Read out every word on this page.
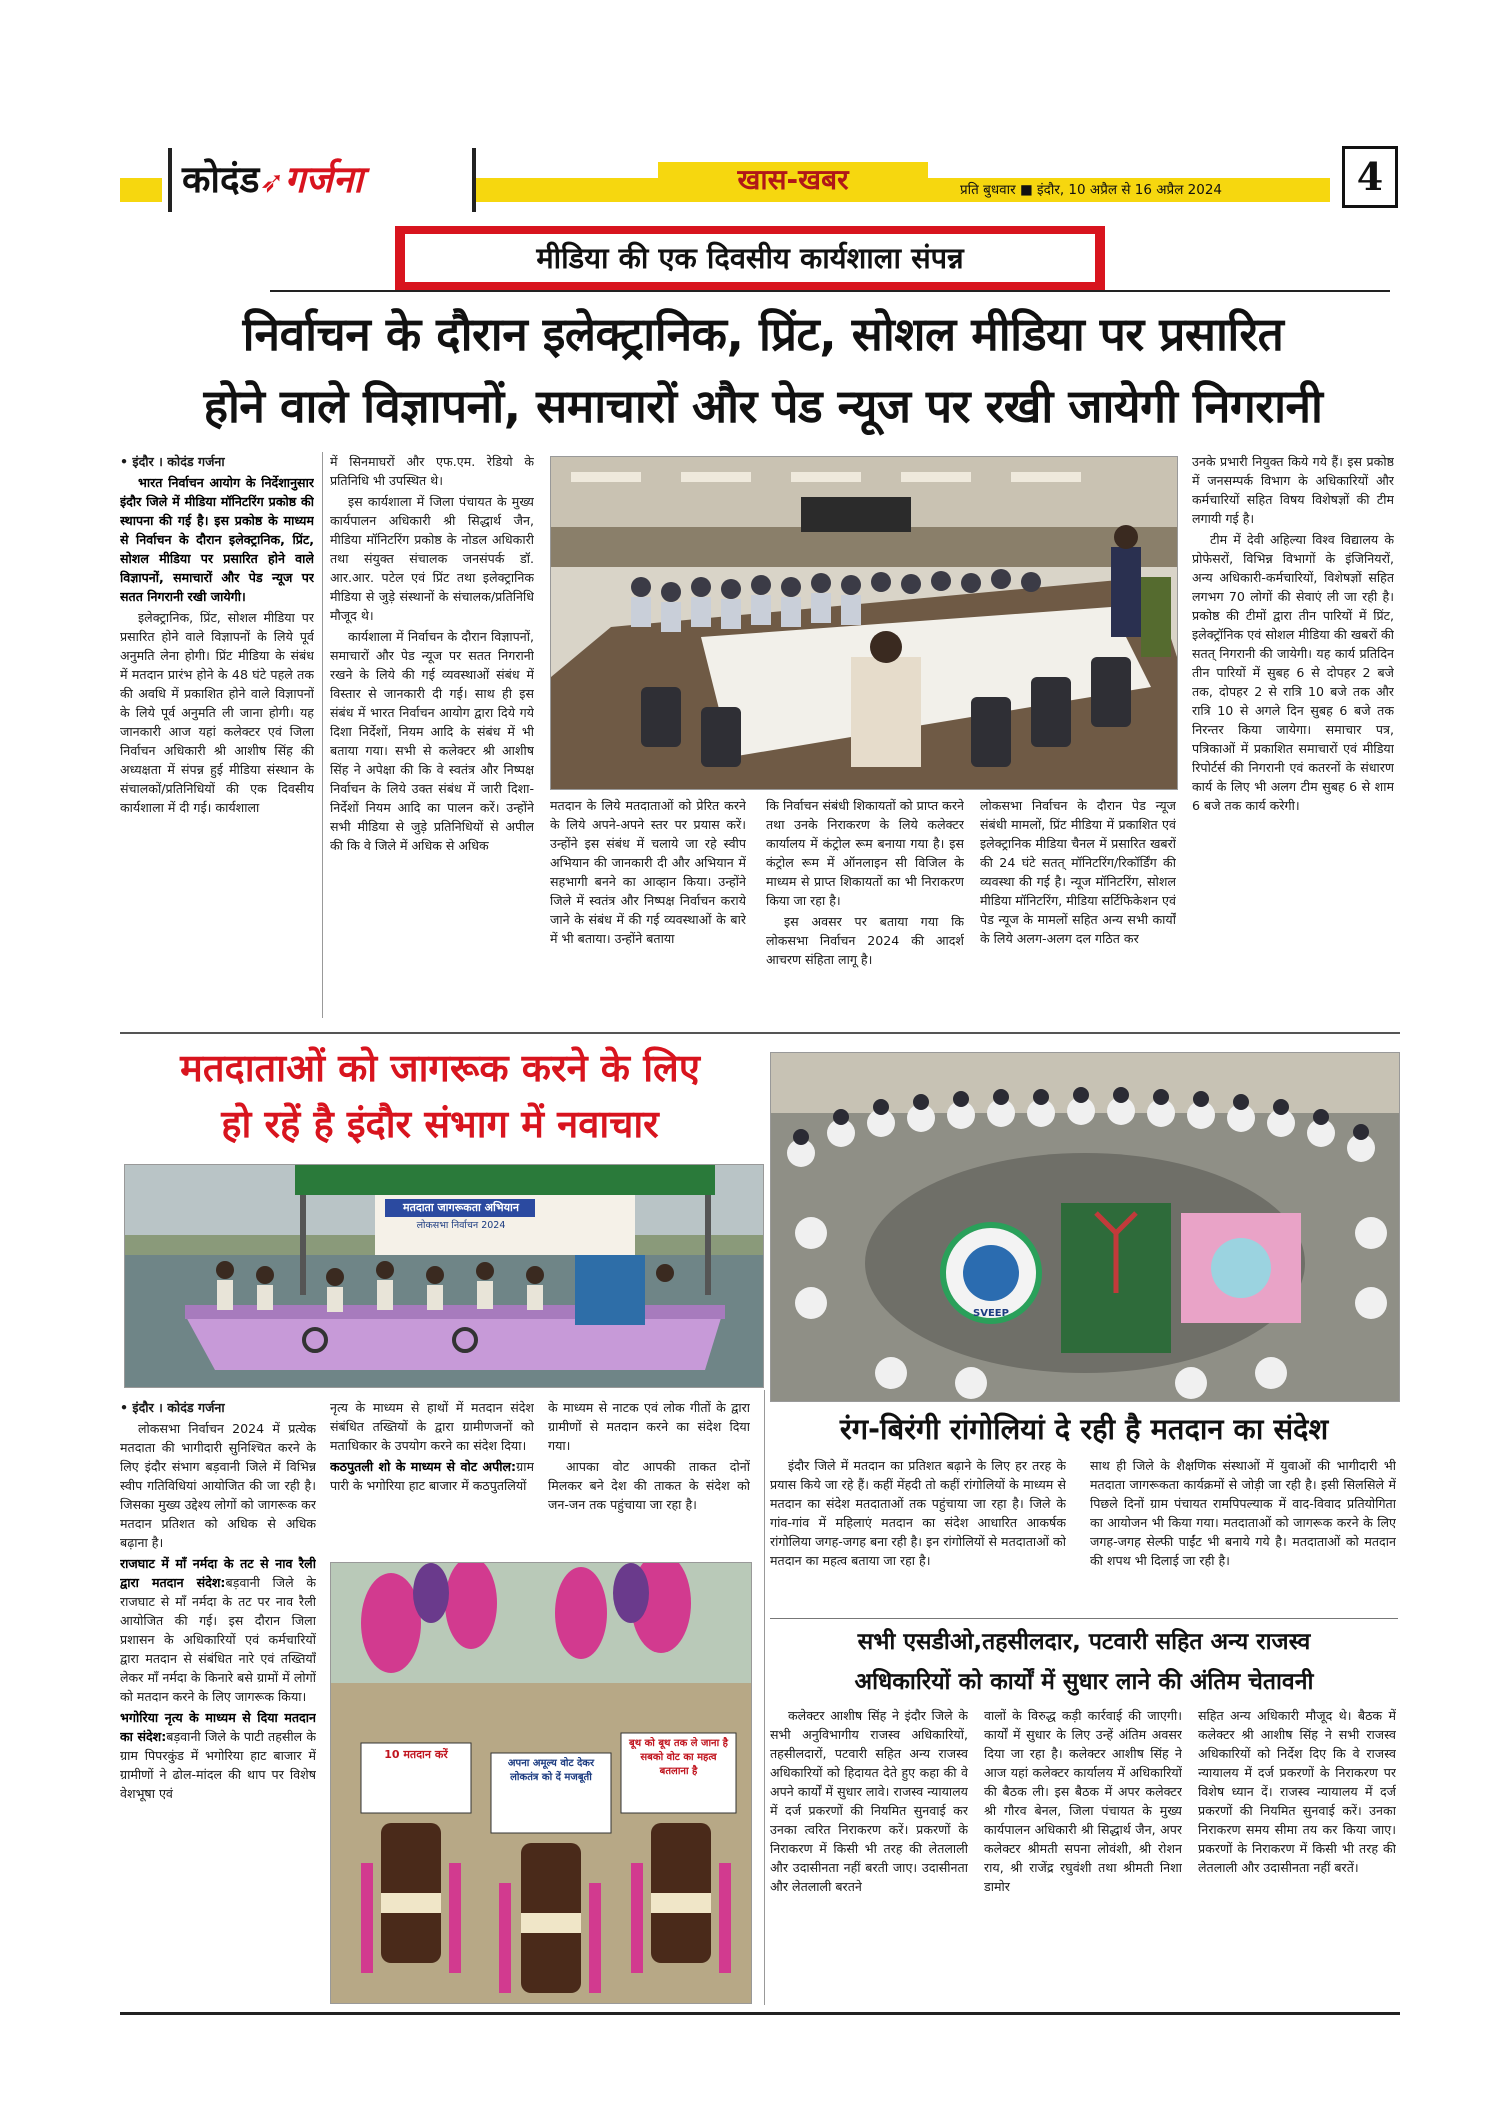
कोदंड➶गर्जना	खास-खबर	प्रति बुधवार ■ इंदौर, 10 अप्रैल से 16 अप्रैल 2024	4
मीडिया की एक दिवसीय कार्यशाला संपन्न
निर्वाचन के दौरान इलेक्ट्रानिक, प्रिंट, सोशल मीडिया पर प्रसारित
होने वाले विज्ञापनों, समाचारों और पेड न्यूज पर रखी जायेगी निगरानी

• इंदौर । कोदंड गर्जना

भारत निर्वाचन आयोग के निर्देशानुसार इंदौर जिले में मीडिया मॉनिटरिंग प्रकोष्ठ की स्थापना की गई है। इस प्रकोष्ठ के माध्यम से निर्वाचन के दौरान इलेक्ट्रानिक, प्रिंट, सोशल मीडिया पर प्रसारित होने वाले विज्ञापनों, समाचारों और पेड न्यूज पर सतत निगरानी रखी जायेगी।

इलेक्ट्रानिक, प्रिंट, सोशल मीडिया पर प्रसारित होने वाले विज्ञापनों के लिये पूर्व अनुमति लेना होगी। प्रिंट मीडिया के संबंध में मतदान प्रारंभ होने के 48 घंटे पहले तक की अवधि में प्रकाशित होने वाले विज्ञापनों के लिये पूर्व अनुमति ली जाना होगी। यह जानकारी आज यहां कलेक्टर एवं जिला निर्वाचन अधिकारी श्री आशीष सिंह की अध्यक्षता में संपन्न हुई मीडिया संस्थान के संचालकों/प्रतिनिधियों की एक दिवसीय कार्यशाला में दी गई। कार्यशाला

में सिनमाघरों और एफ.एम. रेडियो के प्रतिनिधि भी उपस्थित थे।

इस कार्यशाला में जिला पंचायत के मुख्य कार्यपालन अधिकारी श्री सिद्धार्थ जैन, मीडिया मॉनिटरिंग प्रकोष्ठ के नोडल अधिकारी तथा संयुक्त संचालक जनसंपर्क डॉ. आर.आर. पटेल एवं प्रिंट तथा इलेक्ट्रानिक मीडिया से जुड़े संस्थानों के संचालक/प्रतिनिधि मौजूद थे।

कार्यशाला में निर्वाचन के दौरान विज्ञापनों, समाचारों और पेड न्यूज पर सतत निगरानी रखने के लिये की गई व्यवस्थाओं संबंध में विस्तार से जानकारी दी गई। साथ ही इस संबंध में भारत निर्वाचन आयोग द्वारा दिये गये दिशा निर्देशों, नियम आदि के संबंध में भी बताया गया। सभी से कलेक्टर श्री आशीष सिंह ने अपेक्षा की कि वे स्वतंत्र और निष्पक्ष निर्वाचन के लिये उक्त संबंध में जारी दिशा-निर्देशों नियम आदि का पालन करें। उन्होंने सभी मीडिया से जुड़े प्रतिनिधियों से अपील की कि वे जिले में अधिक से अधिक

मतदान के लिये मतदाताओं को प्रेरित करने के लिये अपने-अपने स्तर पर प्रयास करें। उन्होंने इस संबंध में चलाये जा रहे स्वीप अभियान की जानकारी दी और अभियान में सहभागी बनने का आव्हान किया। उन्होंने जिले में स्वतंत्र और निष्पक्ष निर्वाचन कराये जाने के संबंध में की गई व्यवस्थाओं के बारे में भी बताया। उन्होंने बताया

कि निर्वाचन संबंधी शिकायतों को प्राप्त करने तथा उनके निराकरण के लिये कलेक्टर कार्यालय में कंट्रोल रूम बनाया गया है। इस कंट्रोल रूम में ऑनलाइन सी विजिल के माध्यम से प्राप्त शिकायतों का भी निराकरण किया जा रहा है।

इस अवसर पर बताया गया कि लोकसभा निर्वाचन 2024 की आदर्श आचरण संहिता लागू है।

लोकसभा निर्वाचन के दौरान पेड न्यूज संबंधी मामलों, प्रिंट मीडिया में प्रकाशित एवं इलेक्ट्रानिक मीडिया चैनल में प्रसारित खबरों की 24 घंटे सतत् मॉनिटरिंग/रिकॉर्डिंग की व्यवस्था की गई है। न्यूज मॉनिटरिंग, सोशल मीडिया मॉनिटरिंग, मीडिया सर्टिफिकेशन एवं पेड न्यूज के मामलों सहित अन्य सभी कार्यों के लिये अलग-अलग दल गठित कर

उनके प्रभारी नियुक्त किये गये हैं। इस प्रकोष्ठ में जनसम्पर्क विभाग के अधिकारियों और कर्मचारियों सहित विषय विशेषज्ञों की टीम लगायी गई है।

टीम में देवी अहिल्या विश्व विद्यालय के प्रोफेसरों, विभिन्न विभागों के इंजिनियरों, अन्य अधिकारी-कर्मचारियों, विशेषज्ञों सहित लगभग 70 लोगों की सेवाएं ली जा रही है। प्रकोष्ठ की टीमों द्वारा तीन पारियों में प्रिंट, इलेक्ट्रॉनिक एवं सोशल मीडिया की खबरों की सतत् निगरानी की जायेगी। यह कार्य प्रतिदिन तीन पारियों में सुबह 6 से दोपहर 2 बजे तक, दोपहर 2 से रात्रि 10 बजे तक और रात्रि 10 से अगले दिन सुबह 6 बजे तक निरन्तर किया जायेगा। समाचार पत्र, पत्रिकाओं में प्रकाशित समाचारों एवं मीडिया रिपोर्टर्स की निगरानी एवं कतरनों के संधारण कार्य के लिए भी अलग टीम सुबह 6 से शाम 6 बजे तक कार्य करेगी।

मतदाताओं को जागरूक करने के लिए
हो रहें है इंदौर संभाग में नवाचार
मतदाता जागरूकता अभियान
लोकसभा निर्वाचन 2024

• इंदौर । कोदंड गर्जना

लोकसभा निर्वाचन 2024 में प्रत्येक मतदाता की भागीदारी सुनिश्चित करने के लिए इंदौर संभाग बड़वानी जिले में विभिन्न स्वीप गतिविधियां आयोजित की जा रही है। जिसका मुख्य उद्देश्य लोगों को जागरूक कर मतदान प्रतिशत को अधिक से अधिक बढ़ाना है।

राजघाट में माँ नर्मदा के तट से नाव रैली द्वारा मतदान संदेश:बड़वानी जिले के राजघाट से माँ नर्मदा के तट पर नाव रैली आयोजित की गई। इस दौरान जिला प्रशासन के अधिकारियों एवं कर्मचारियों द्वारा मतदान से संबंधित नारे एवं तख्तियाँ लेकर माँ नर्मदा के किनारे बसे ग्रामों में लोगों को मतदान करने के लिए जागरूक किया।

भगोरिया नृत्य के माध्यम से दिया मतदान का संदेश:बड़वानी जिले के पाटी तहसील के ग्राम पिपरकुंड में भगोरिया हाट बाजार में ग्रामीणों ने ढोल-मांदल की थाप पर विशेष वेशभूषा एवं

नृत्य के माध्यम से हाथों में मतदान संदेश संबंधित तख्तियों के द्वारा ग्रामीणजनों को मताधिकार के उपयोग करने का संदेश दिया।

कठपुतली शो के माध्यम से वोट अपील:ग्राम पारी के भगोरिया हाट बाजार में कठपुतलियों

के माध्यम से नाटक एवं लोक गीतों के द्वारा ग्रामीणों से मतदान करने का संदेश दिया गया।

आपका वोट आपकी ताकत दोनों मिलकर बने देश की ताकत के संदेश को जन-जन तक पहुंचाया जा रहा है।

10 मतदान करें
अपना अमूल्य वोट देकर लोकतंत्र को दें मजबूती
बूथ को बूथ तक ले जाना है सबको वोट का महत्व बतलाना है
SVEEP
रंग-बिरंगी रांगोलियां दे रही है मतदान का संदेश

इंदौर जिले में मतदान का प्रतिशत बढ़ाने के लिए हर तरह के प्रयास किये जा रहे हैं। कहीं मेंहदी तो कहीं रांगोलियों के माध्यम से मतदान का संदेश मतदाताओं तक पहुंचाया जा रहा है। जिले के गांव-गांव में महिलाएं मतदान का संदेश आधारित आकर्षक रांगोलिया जगह-जगह बना रही है। इन रांगोलियों से मतदाताओं को मतदान का महत्व बताया जा रहा है।

साथ ही जिले के शैक्षणिक संस्थाओं में युवाओं की भागीदारी भी मतदाता जागरूकता कार्यक्रमों से जोड़ी जा रही है। इसी सिलसिले में पिछले दिनों ग्राम पंचायत रामपिपल्याक में वाद-विवाद प्रतियोगिता का आयोजन भी किया गया। मतदाताओं को जागरूक करने के लिए जगह-जगह सेल्फी पाईंट भी बनाये गये है। मतदाताओं को मतदान की शपथ भी दिलाई जा रही है।

सभी एसडीओ,तहसीलदार, पटवारी सहित अन्य राजस्व
अधिकारियों को कार्यों में सुधार लाने की अंतिम चेतावनी

कलेक्टर आशीष सिंह ने इंदौर जिले के सभी अनुविभागीय राजस्व अधिकारियों, तहसीलदारों, पटवारी सहित अन्य राजस्व अधिकारियों को हिदायत देते हुए कहा की वे अपने कार्यों में सुधार लावे। राजस्व न्यायालय में दर्ज प्रकरणों की नियमित सुनवाई कर उनका त्वरित निराकरण करें। प्रकरणों के निराकरण में किसी भी तरह की लेतलाली और उदासीनता नहीं बरती जाए। उदासीनता और लेतलाली बरतने

वालों के विरुद्ध कड़ी कार्रवाई की जाएगी। कार्यों में सुधार के लिए उन्हें अंतिम अवसर दिया जा रहा है। कलेक्टर आशीष सिंह ने आज यहां कलेक्टर कार्यालय में अधिकारियों की बैठक ली। इस बैठक में अपर कलेक्टर श्री गौरव बेनल, जिला पंचायत के मुख्य कार्यपालन अधिकारी श्री सिद्धार्थ जैन, अपर कलेक्टर श्रीमती सपना लोवंशी, श्री रोशन राय, श्री राजेंद्र रघुवंशी तथा श्रीमती निशा डामोर

सहित अन्य अधिकारी मौजूद थे। बैठक में कलेक्टर श्री आशीष सिंह ने सभी राजस्व अधिकारियों को निर्देश दिए कि वे राजस्व न्यायालय में दर्ज प्रकरणों के निराकरण पर विशेष ध्यान दें। राजस्व न्यायालय में दर्ज प्रकरणों की नियमित सुनवाई करें। उनका निराकरण समय सीमा तय कर किया जाए। प्रकरणों के निराकरण में किसी भी तरह की लेतलाली और उदासीनता नहीं बरतें।
